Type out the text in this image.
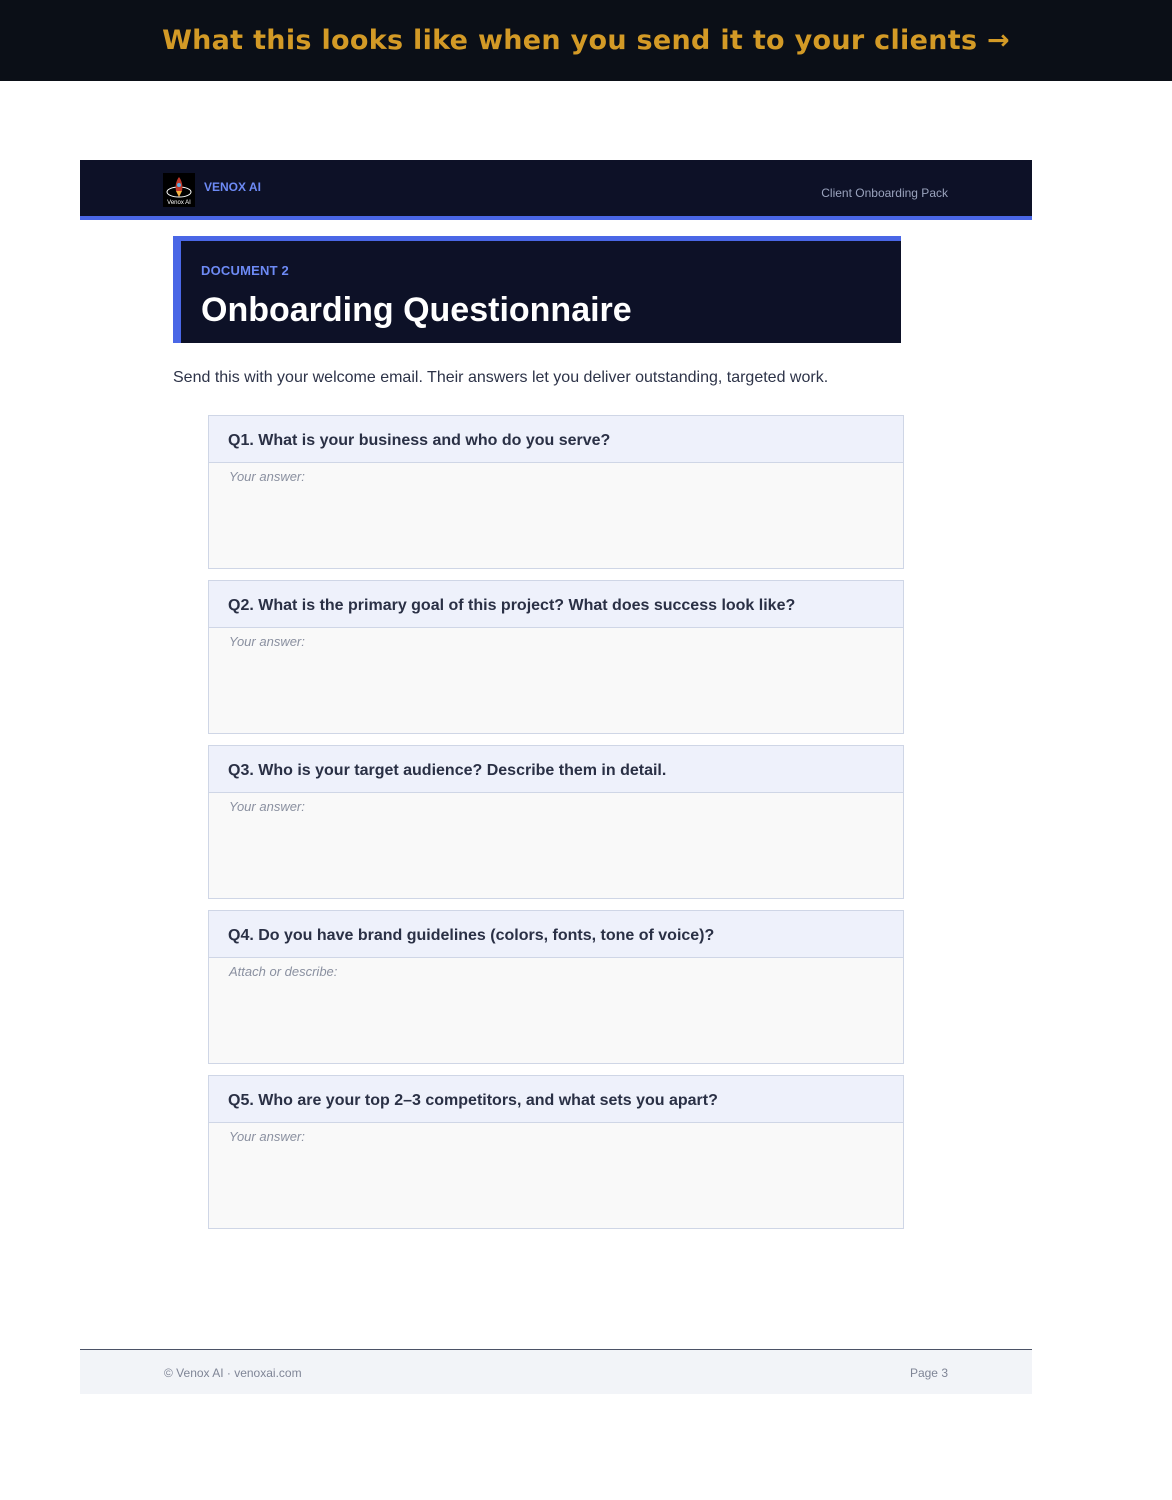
What this looks like when you send it to your clients →
Venox AI
VENOX AI	Client Onboarding Pack
DOCUMENT 2
Onboarding Questionnaire
Send this with your welcome email. Their answers let you deliver outstanding, targeted work.
Q1. What is your business and who do you serve?
Your answer:
Q2. What is the primary goal of this project? What does success look like?
Your answer:
Q3. Who is your target audience? Describe them in detail.
Your answer:
Q4. Do you have brand guidelines (colors, fonts, tone of voice)?
Attach or describe:
Q5. Who are your top 2–3 competitors, and what sets you apart?
Your answer:
© Venox AI · venoxai.com	Page 3
